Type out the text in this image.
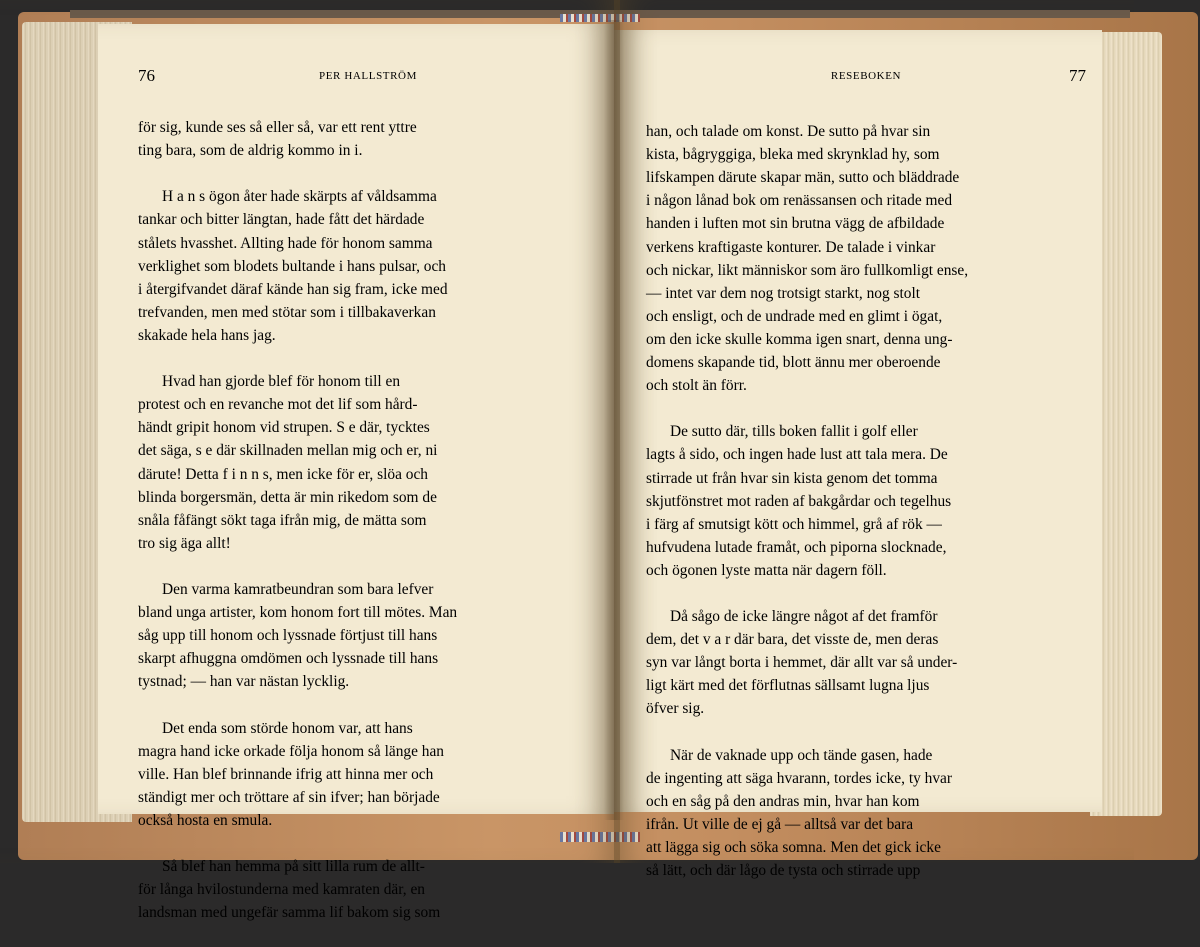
76	PER HALLSTRÖM

för sig, kunde ses så eller så, var ett rent yttre
ting bara, som de aldrig kommo in i.

H a n s ögon åter hade skärpts af våldsamma
tankar och bitter längtan, hade fått det härdade
stålets hvasshet. Allting hade för honom samma
verklighet som blodets bultande i hans pulsar, och
i återgifvandet däraf kände han sig fram, icke med
trefvanden, men med stötar som i tillbakaverkan
skakade hela hans jag.

Hvad han gjorde blef för honom till en
protest och en revanche mot det lif som hård-
händt gripit honom vid strupen. S e där, tycktes
det säga, s e där skillnaden mellan mig och er, ni
därute! Detta f i n n s, men icke för er, slöa och
blinda borgersmän, detta är min rikedom som de
snåla fåfängt sökt taga ifrån mig, de mätta som
tro sig äga allt!

Den varma kamratbeundran som bara lefver
bland unga artister, kom honom fort till mötes. Man
såg upp till honom och lyssnade förtjust till hans
skarpt afhuggna omdömen och lyssnade till hans
tystnad; — han var nästan lycklig.

Det enda som störde honom var, att hans
magra hand icke orkade följa honom så länge han
ville. Han blef brinnande ifrig att hinna mer och
ständigt mer och tröttare af sin ifver; han började
också hosta en smula.

Så blef han hemma på sitt lilla rum de allt-
för långa hvilostunderna med kamraten där, en
landsman med ungefär samma lif bakom sig som

RESEBOKEN	77

han, och talade om konst. De sutto på hvar sin
kista, bågryggiga, bleka med skrynklad hy, som
lifskampen därute skapar män, sutto och bläddrade
i någon lånad bok om renässansen och ritade med
handen i luften mot sin brutna vägg de afbildade
verkens kraftigaste konturer. De talade i vinkar
och nickar, likt människor som äro fullkomligt ense,
— intet var dem nog trotsigt starkt, nog stolt
och ensligt, och de undrade med en glimt i ögat,
om den icke skulle komma igen snart, denna ung-
domens skapande tid, blott ännu mer oberoende
och stolt än förr.

De sutto där, tills boken fallit i golf eller
lagts å sido, och ingen hade lust att tala mera. De
stirrade ut från hvar sin kista genom det tomma
skjutfönstret mot raden af bakgårdar och tegelhus
i färg af smutsigt kött och himmel, grå af rök —
hufvudena lutade framåt, och piporna slocknade,
och ögonen lyste matta när dagern föll.

Då sågo de icke längre något af det framför
dem, det v a r där bara, det visste de, men deras
syn var långt borta i hemmet, där allt var så under-
ligt kärt med det förflutnas sällsamt lugna ljus
öfver sig.

När de vaknade upp och tände gasen, hade
de ingenting att säga hvarann, tordes icke, ty hvar
och en såg på den andras min, hvar han kom
ifrån. Ut ville de ej gå — alltså var det bara
att lägga sig och söka somna. Men det gick icke
så lätt, och där lågo de tysta och stirrade upp
